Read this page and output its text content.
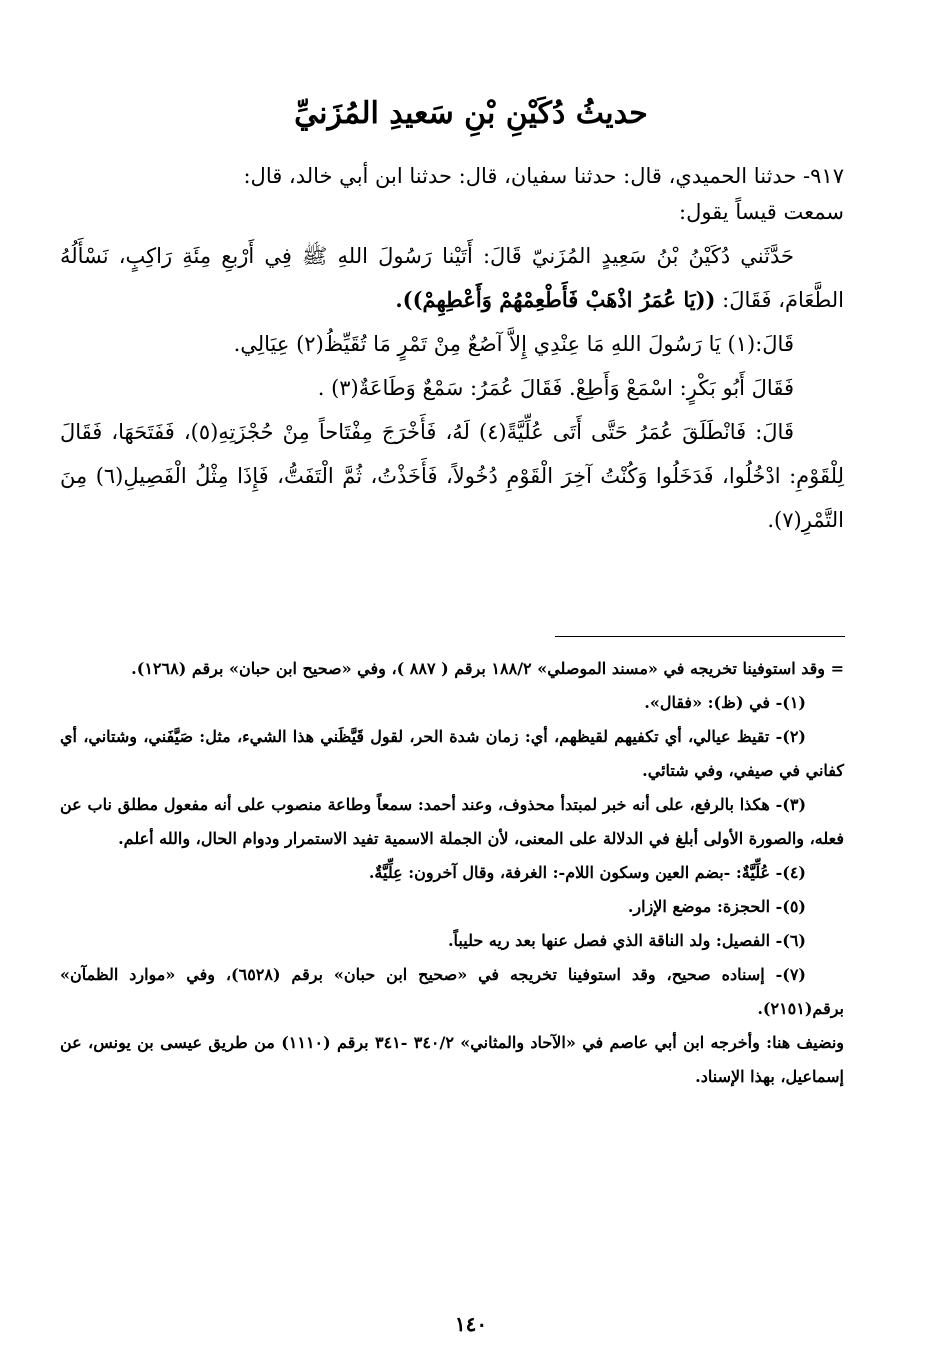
حديثُ دُكَيْنِ بْنِ سَعيدِ المُزَنيِّ

٩١٧- حدثنا الحميدي، قال: حدثنا سفيان، قال: حدثنا ابن أبي خالد، قال:

سمعت قيساً يقول:

حَدَّثَني دُكَيْنُ بْنُ سَعِيدٍ المُزَنيّ قَالَ: أَتَيْنا رَسُولَ اللهِ ﷺ فِي أَرْبعِ مِئَةِ رَاكِبٍ، نَسْأَلُهُ الطَّعَامَ، فَقَالَ: ((يَا عُمَرُ اذْهَبْ فَأَطْعِمْهُمْ وَأَعْطِهِمْ)).

قَالَ:(١) يَا رَسُولَ اللهِ مَا عِنْدِي إِلاَّ آصُعٌ مِنْ تَمْرٍ مَا تُقَيِّظُ(٢) عِيَالِي.

فَقَالَ أَبُو بَكْرٍ: اسْمَعْ وَأَطِعْ. فَقَالَ عُمَرُ: سَمْعٌ وَطَاعَةٌ(٣) .

قَالَ: فَانْطَلَقَ عُمَرُ حَتَّى أَتَى عُلِّيَّةً(٤) لَهُ، فَأَخْرَجَ مِفْتَاحاً مِنْ حُجْزَتِهِ(٥)، فَفَتَحَهَا، فَقَالَ لِلْقَوْمِ: ادْخُلُوا، فَدَخَلُوا وَكُنْتُ آخِرَ الْقَوْمِ دُخُولاً، فَأَخَذْتُ، ثُمَّ الْتَفَتُّ، فَإِذَا مِثْلُ الْفَصِيلِ(٦) مِنَ التَّمْرِ(٧).

= وقد استوفينا تخريجه في «مسند الموصلي» ١٨٨/٢ برقم ( ٨٨٧ )، وفي «صحيح ابن حبان» برقم (١٢٦٨).

(١)- في (ظ): «فقال».

(٢)- تقيظ عيالي، أي تكفيهم لقيظهم، أي: زمان شدة الحر، لقول قَيَّظَني هذا الشيء، مثل: صَيَّفَني، وشتاني، أي كفاني في صيفي، وفي شتائي.

(٣)- هكذا بالرفع، على أنه خبر لمبتدأ محذوف، وعند أحمد: سمعاً وطاعة منصوب على أنه مفعول مطلق ناب عن فعله، والصورة الأولى أبلغ في الدلالة على المعنى، لأن الجملة الاسمية تفيد الاستمرار ودوام الحال، والله أعلم.

(٤)- عُلِّيَّةٌ: -بضم العين وسكون اللام-: الغرفة، وقال آخرون: عِلِّيَّةٌ.

(٥)- الحجزة: موضع الإزار.

(٦)- الفصيل: ولد الناقة الذي فصل عنها بعد ريه حليباً.

(٧)- إسناده صحيح، وقد استوفينا تخريجه في «صحيح ابن حبان» برقم (٦٥٢٨)، وفي «موارد الظمآن» برقم(٢١٥١).

ونضيف هنا: وأخرجه ابن أبي عاصم في «الآحاد والمثاني» ٣٤٠/٢ -٣٤١ برقم (١١١٠) من طريق عيسى بن يونس، عن إسماعيل، بهذا الإسناد.

١٤٠
